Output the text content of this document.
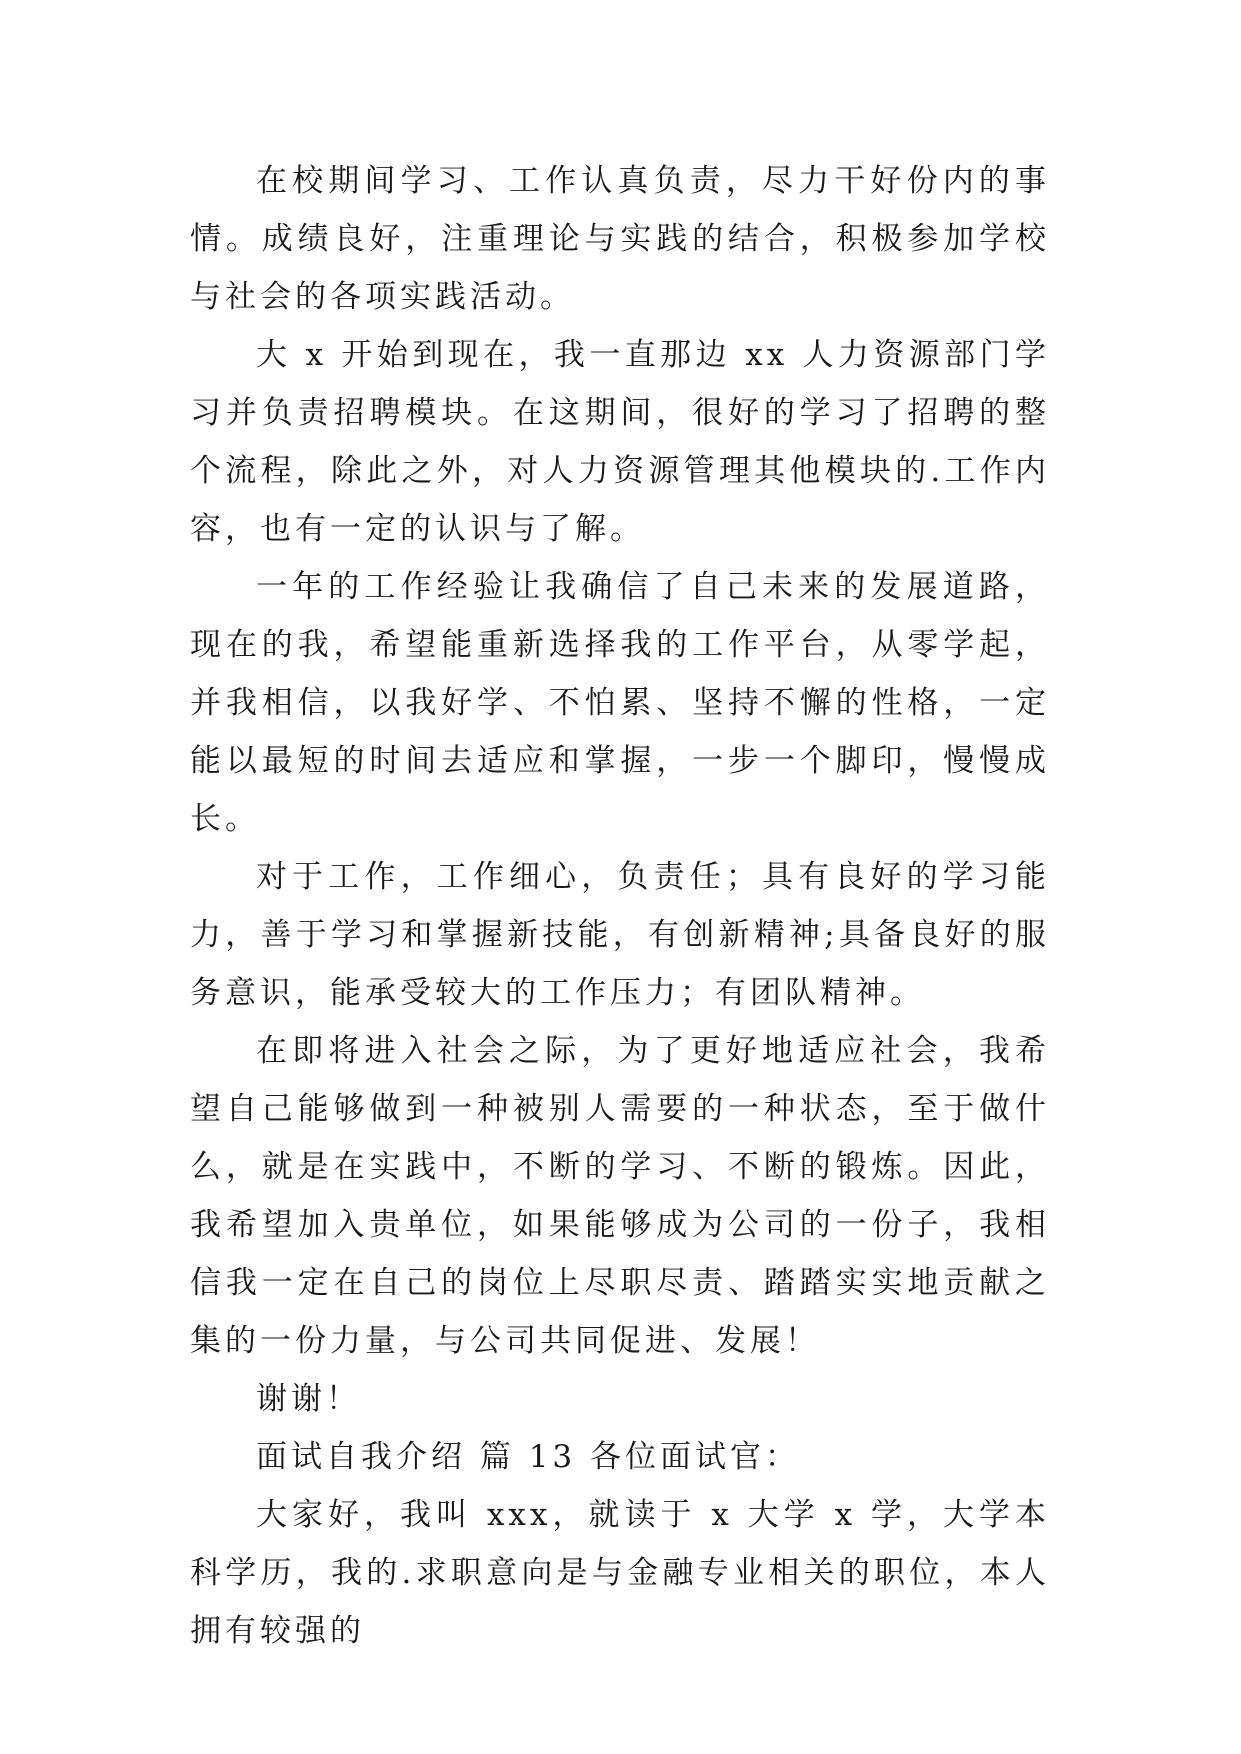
在校期间学习、工作认真负责，尽力干好份内的事情。成绩良好，注重理论与实践的结合，积极参加学校与社会的各项实践活动。

大 x 开始到现在，我一直那边 xx 人力资源部门学习并负责招聘模块。在这期间，很好的学习了招聘的整个流程，除此之外，对人力资源管理其他模块的.工作内容，也有一定的认识与了解。

一年的工作经验让我确信了自己未来的发展道路，现在的我，希望能重新选择我的工作平台，从零学起，并我相信，以我好学、不怕累、坚持不懈的性格，一定能以最短的时间去适应和掌握，一步一个脚印，慢慢成长。

对于工作，工作细心，负责任；具有良好的学习能力，善于学习和掌握新技能，有创新精神;具备良好的服务意识，能承受较大的工作压力；有团队精神。

在即将进入社会之际，为了更好地适应社会，我希望自己能够做到一种被别人需要的一种状态，至于做什么，就是在实践中，不断的学习、不断的锻炼。因此，我希望加入贵单位，如果能够成为公司的一份子，我相信我一定在自己的岗位上尽职尽责、踏踏实实地贡献之集的一份力量，与公司共同促进、发展！

谢谢！

面试自我介绍 篇 13 各位面试官：

大家好，我叫 xxx，就读于 x 大学 x 学，大学本科学历，我的.求职意向是与金融专业相关的职位，本人拥有较强的
